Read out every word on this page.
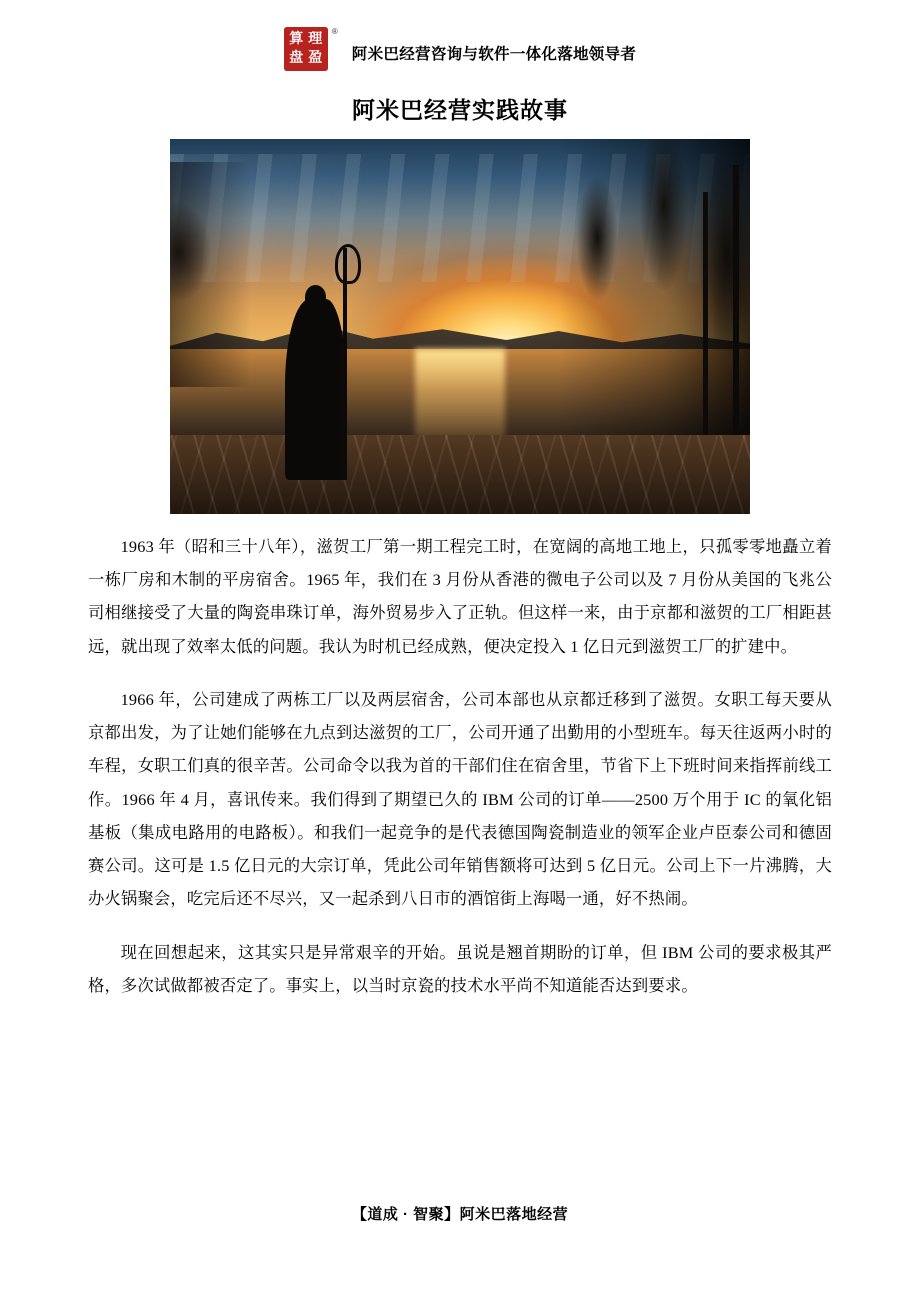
算 理
盘 盈
®
阿米巴经营咨询与软件一体化落地领导者
阿米巴经营实践故事

1963 年（昭和三十八年），滋贺工厂第一期工程完工时，在宽阔的高地工地上，只孤零零地矗立着一栋厂房和木制的平房宿舍。1965 年，我们在 3 月份从香港的微电子公司以及 7 月份从美国的飞兆公司相继接受了大量的陶瓷串珠订单，海外贸易步入了正轨。但这样一来，由于京都和滋贺的工厂相距甚远，就出现了效率太低的问题。我认为时机已经成熟，便决定投入 1 亿日元到滋贺工厂的扩建中。

1966 年，公司建成了两栋工厂以及两层宿舍，公司本部也从京都迁移到了滋贺。女职工每天要从京都出发，为了让她们能够在九点到达滋贺的工厂，公司开通了出勤用的小型班车。每天往返两小时的车程，女职工们真的很辛苦。公司命令以我为首的干部们住在宿舍里，节省下上下班时间来指挥前线工作。1966 年 4 月，喜讯传来。我们得到了期望已久的 IBM 公司的订单——2500 万个用于 IC 的氧化铝基板（集成电路用的电路板）。和我们一起竞争的是代表德国陶瓷制造业的领军企业卢臣泰公司和德固赛公司。这可是 1.5 亿日元的大宗订单，凭此公司年销售额将可达到 5 亿日元。公司上下一片沸腾，大办火锅聚会，吃完后还不尽兴，又一起杀到八日市的酒馆街上海喝一通，好不热闹。

现在回想起来，这其实只是异常艰辛的开始。虽说是翘首期盼的订单，但 IBM 公司的要求极其严格，多次试做都被否定了。事实上，以当时京瓷的技术水平尚不知道能否达到要求。

【道成 · 智聚】阿米巴落地经营
